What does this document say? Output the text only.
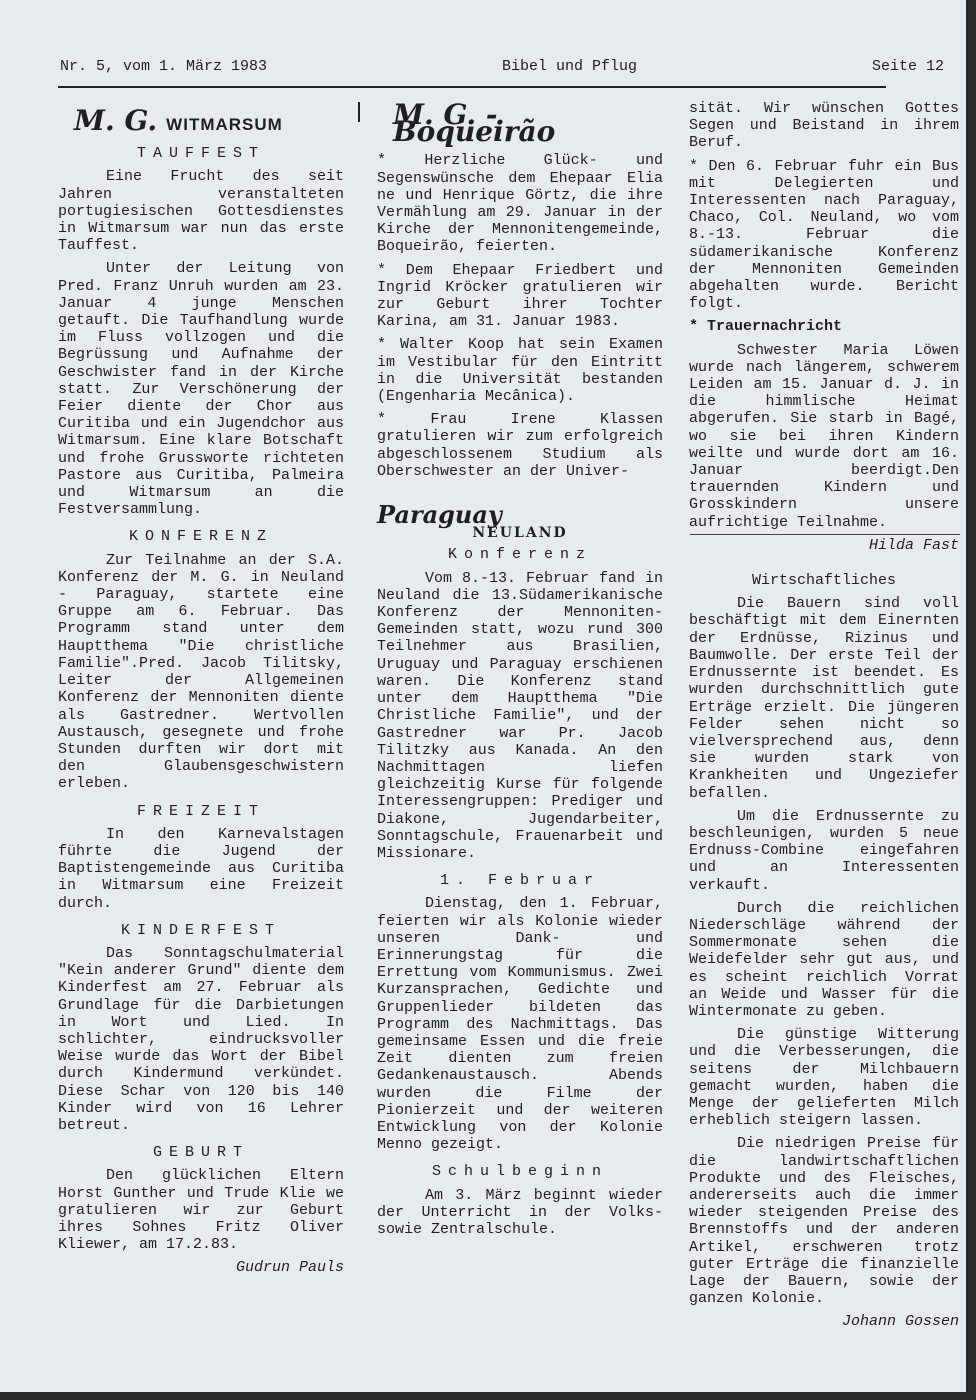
Nr. 5, vom 1. März 1983	Bibel und Pflug	Seite 12
M. G. WITMARSUM
TAUFFEST

Eine Frucht des seit Jahren veranstalteten portugiesischen Gottesdienstes in Witmarsum war nun das erste Tauffest.

Unter der Leitung von Pred. Franz Unruh wurden am 23. Januar 4 junge Menschen getauft. Die Taufhandlung wurde im Fluss vollzogen und die Begrüssung und Aufnahme der Geschwister fand in der Kirche statt. Zur Verschönerung der Feier diente der Chor aus Curitiba und ein Jugendchor aus Witmarsum. Eine klare Botschaft und frohe Grussworte richteten Pastore aus Curitiba, Palmeira und Witmarsum an die Festversammlung.

KONFERENZ

Zur Teilnahme an der S.A. Konferenz der M. G. in Neuland - Paraguay, startete eine Gruppe am 6. Februar. Das Programm stand unter dem Hauptthema "Die christliche Familie".Pred. Jacob Tilitsky, Leiter der Allgemeinen Konferenz der Mennoniten diente als Gastredner. Wertvollen Austausch, gesegnete und frohe Stunden durften wir dort mit den Glaubensgeschwistern erleben.

FREIZEIT

In den Karnevalstagen führte die Jugend der Baptistengemeinde aus Curitiba in Witmarsum eine Freizeit durch.

KINDERFEST

Das Sonntagschulmaterial "Kein anderer Grund" diente dem Kinderfest am 27. Februar als Grundlage für die Darbietungen in Wort und Lied. In schlichter, eindrucksvoller Weise wurde das Wort der Bibel durch Kindermund verkündet. Diese Schar von 120 bis 140 Kinder wird von 16 Lehrer betreut.

GEBURT

Den glücklichen Eltern Horst Gunther und Trude Klie we gratulieren wir zur Geburt ihres Sohnes Fritz Oliver Kliewer, am 17.2.83.

Gudrun Pauls
M. G. - Boqueirão

* Herzliche Glück- und Segenswünsche dem Ehepaar Elia ne und Henrique Görtz, die ihre Vermählung am 29. Januar in der Kirche der Mennonitengemeinde, Boqueirão, feierten.

* Dem Ehepaar Friedbert und Ingrid Kröcker gratulieren wir zur Geburt ihrer Tochter Karina, am 31. Januar 1983.

* Walter Koop hat sein Examen im Vestibular für den Eintritt in die Universität bestanden (Engenharia Mecânica).

* Frau Irene Klassen gratulieren wir zum erfolgreich abgeschlossenem Studium als Oberschwester an der Univer-

Paraguay
NEULAND
Konferenz

Vom 8.-13. Februar fand in Neuland die 13.Südamerikanische Konferenz der Mennoniten-Gemeinden statt, wozu rund 300 Teilnehmer aus Brasilien, Uruguay und Paraguay erschienen waren. Die Konferenz stand unter dem Hauptthema "Die Christliche Familie", und der Gastredner war Pr. Jacob Tilitzky aus Kanada. An den Nachmittagen liefen gleichzeitig Kurse für folgende Interessengruppen: Prediger und Diakone, Jugendarbeiter, Sonntagschule, Frauenarbeit und Missionare.

1. Februar

Dienstag, den 1. Februar, feierten wir als Kolonie wieder unseren Dank- und Erinnerungstag für die Errettung vom Kommunismus. Zwei Kurzansprachen, Gedichte und Gruppenlieder bildeten das Programm des Nachmittags. Das gemeinsame Essen und die freie Zeit dienten zum freien Gedankenaustausch. Abends wurden die Filme der Pionierzeit und der weiteren Entwicklung von der Kolonie Menno gezeigt.

Schulbeginn

Am 3. März beginnt wieder der Unterricht in der Volks- sowie Zentralschule.

sität. Wir wünschen Gottes Segen und Beistand in ihrem Beruf.

* Den 6. Februar fuhr ein Bus mit Delegierten und Interessenten nach Paraguay, Chaco, Col. Neuland, wo vom 8.-13. Februar die südamerikanische Konferenz der Mennoniten Gemeinden abgehalten wurde. Bericht folgt.

* Trauernachricht

Schwester Maria Löwen wurde nach längerem, schwerem Leiden am 15. Januar d. J. in die himmlische Heimat abgerufen. Sie starb in Bagé, wo sie bei ihren Kindern weilte und wurde dort am 16. Januar beerdigt.Den trauernden Kindern und Grosskindern unsere aufrichtige Teilnahme.

Hilda Fast
Wirtschaftliches

Die Bauern sind voll beschäftigt mit dem Einernten der Erdnüsse, Rizinus und Baumwolle. Der erste Teil der Erdnussernte ist beendet. Es wurden durchschnittlich gute Erträge erzielt. Die jüngeren Felder sehen nicht so vielversprechend aus, denn sie wurden stark von Krankheiten und Ungeziefer befallen.

Um die Erdnussernte zu beschleunigen, wurden 5 neue Erdnuss-Combine eingefahren und an Interessenten verkauft.

Durch die reichlichen Niederschläge während der Sommermonate sehen die Weidefelder sehr gut aus, und es scheint reichlich Vorrat an Weide und Wasser für die Wintermonate zu geben.

Die günstige Witterung und die Verbesserungen, die seitens der Milchbauern gemacht wurden, haben die Menge der gelieferten Milch erheblich steigern lassen.

Die niedrigen Preise für die landwirtschaftlichen Produkte und des Fleisches, andererseits auch die immer wieder steigenden Preise des Brennstoffs und der anderen Artikel, erschweren trotz guter Erträge die finanzielle Lage der Bauern, sowie der ganzen Kolonie.

Johann Gossen
